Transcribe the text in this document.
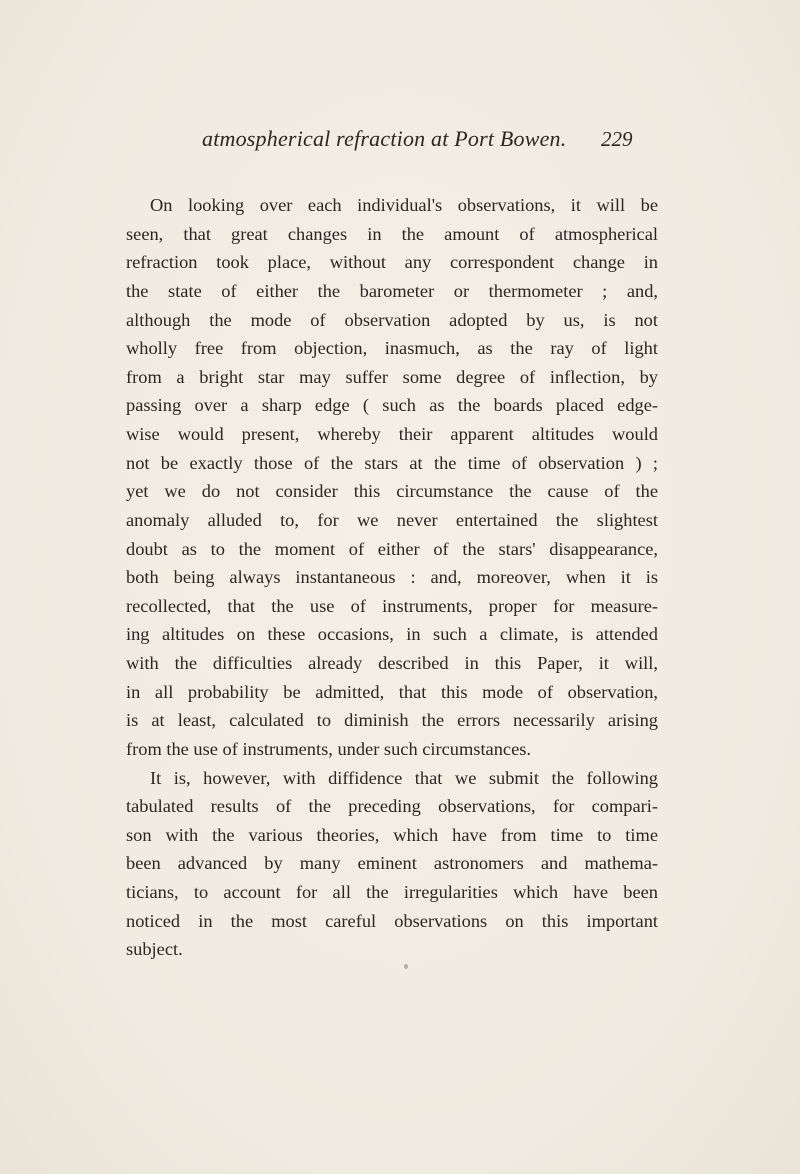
atmospherical refraction at Port Bowen.	229

On looking over each individual's observations, it will be
seen, that great changes in the amount of atmospherical
refraction took place, without any correspondent change in
the state of either the barometer or thermometer ; and,
although the mode of observation adopted by us, is not
wholly free from objection, inasmuch, as the ray of light
from a bright star may suffer some degree of inflection, by
passing over a sharp edge ( such as the boards placed edge-
wise would present, whereby their apparent altitudes would
not be exactly those of the stars at the time of observation ) ;
yet we do not consider this circumstance the cause of the
anomaly alluded to, for we never entertained the slightest
doubt as to the moment of either of the stars' disappearance,
both being always instantaneous : and, moreover, when it is
recollected, that the use of instruments, proper for measure-
ing altitudes on these occasions, in such a climate, is attended
with the difficulties already described in this Paper, it will,
in all probability be admitted, that this mode of observation,
is at least, calculated to diminish the errors necessarily arising
from the use of instruments, under such circumstances.

It is, however, with diffidence that we submit the following
tabulated results of the preceding observations, for compari-
son with the various theories, which have from time to time
been advanced by many eminent astronomers and mathema-
ticians, to account for all the irregularities which have been
noticed in the most careful observations on this important
subject.
